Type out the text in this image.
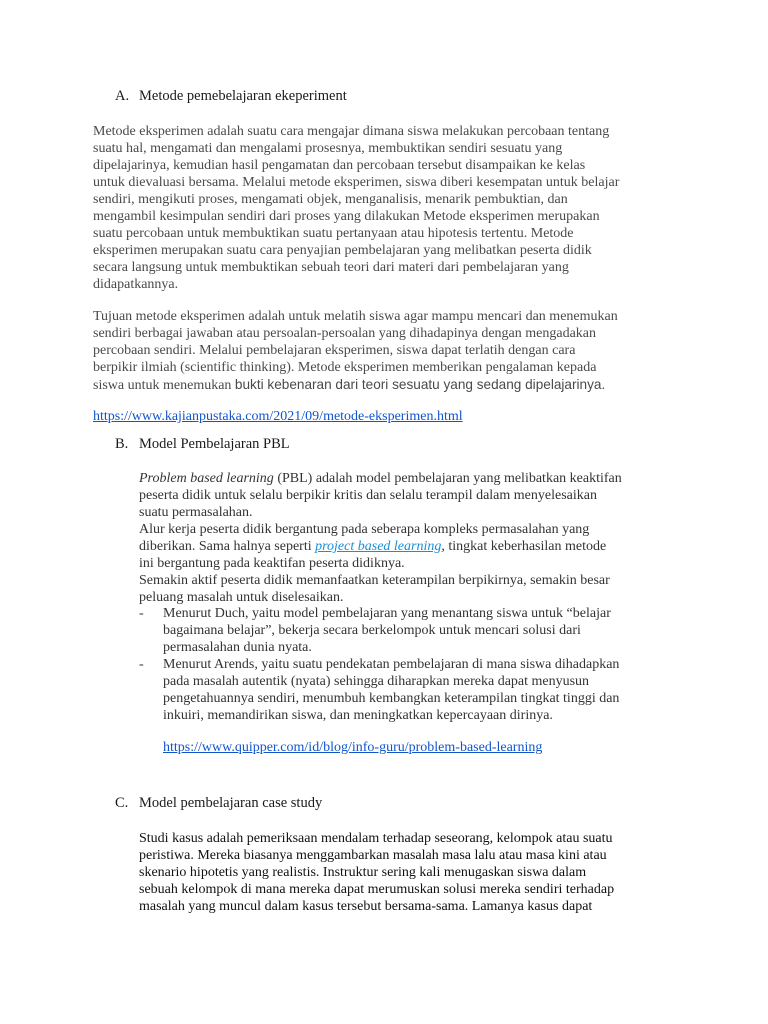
A. Metode pemebelajaran ekeperiment
Metode eksperimen adalah suatu cara mengajar dimana siswa melakukan percobaan tentang
suatu hal, mengamati dan mengalami prosesnya, membuktikan sendiri sesuatu yang
dipelajarinya, kemudian hasil pengamatan dan percobaan tersebut disampaikan ke kelas
untuk dievaluasi bersama. Melalui metode eksperimen, siswa diberi kesempatan untuk belajar
sendiri, mengikuti proses, mengamati objek, menganalisis, menarik pembuktian, dan
mengambil kesimpulan sendiri dari proses yang dilakukan Metode eksperimen merupakan
suatu percobaan untuk membuktikan suatu pertanyaan atau hipotesis tertentu. Metode
eksperimen merupakan suatu cara penyajian pembelajaran yang melibatkan peserta didik
secara langsung untuk membuktikan sebuah teori dari materi dari pembelajaran yang
didapatkannya.
Tujuan metode eksperimen adalah untuk melatih siswa agar mampu mencari dan menemukan
sendiri berbagai jawaban atau persoalan-persoalan yang dihadapinya dengan mengadakan
percobaan sendiri. Melalui pembelajaran eksperimen, siswa dapat terlatih dengan cara
berpikir ilmiah (scientific thinking). Metode eksperimen memberikan pengalaman kepada
siswa untuk menemukan bukti kebenaran dari teori sesuatu yang sedang dipelajarinya.
https://www.kajianpustaka.com/2021/09/metode-eksperimen.html
B. Model Pembelajaran PBL
Problem based learning (PBL) adalah model pembelajaran yang melibatkan keaktifan
peserta didik untuk selalu berpikir kritis dan selalu terampil dalam menyelesaikan
suatu permasalahan.
Alur kerja peserta didik bergantung pada seberapa kompleks permasalahan yang
diberikan. Sama halnya seperti project based learning, tingkat keberhasilan metode
ini bergantung pada keaktifan peserta didiknya.
Semakin aktif peserta didik memanfaatkan keterampilan berpikirnya, semakin besar
peluang masalah untuk diselesaikan.
- Menurut Duch, yaitu model pembelajaran yang menantang siswa untuk “belajar
bagaimana belajar”, bekerja secara berkelompok untuk mencari solusi dari
permasalahan dunia nyata.
- Menurut Arends, yaitu suatu pendekatan pembelajaran di mana siswa dihadapkan
pada masalah autentik (nyata) sehingga diharapkan mereka dapat menyusun
pengetahuannya sendiri, menumbuh kembangkan keterampilan tingkat tinggi dan
inkuiri, memandirikan siswa, dan meningkatkan kepercayaan dirinya.
https://www.quipper.com/id/blog/info-guru/problem-based-learning
C. Model pembelajaran case study
Studi kasus adalah pemeriksaan mendalam terhadap seseorang, kelompok atau suatu
peristiwa. Mereka biasanya menggambarkan masalah masa lalu atau masa kini atau
skenario hipotetis yang realistis. Instruktur sering kali menugaskan siswa dalam
sebuah kelompok di mana mereka dapat merumuskan solusi mereka sendiri terhadap
masalah yang muncul dalam kasus tersebut bersama-sama. Lamanya kasus dapat
